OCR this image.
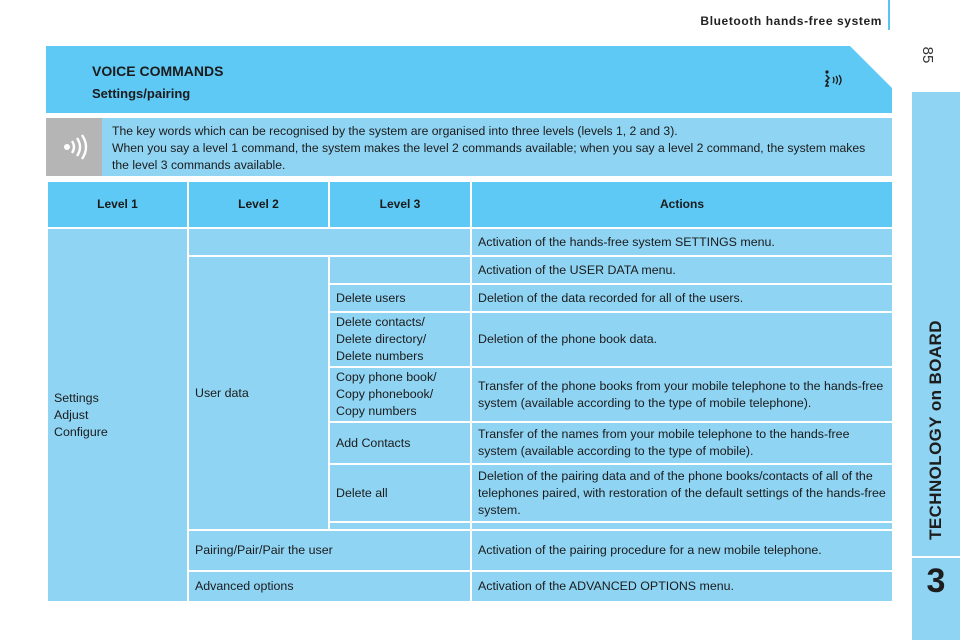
Bluetooth hands-free system
85
TECHNOLOGY on BOARD
3
VOICE COMMANDS
Settings/pairing
The key words which can be recognised by the system are organised into three levels (levels 1, 2 and 3).
When you say a level 1 command, the system makes the level 2 commands available; when you say a level 2 command, the system makes the level 3 commands available.
Level 1	Level 2	Level 3	Actions

Settings
Adjust
Configure			Activation of the hands-free system SETTINGS menu.
	User data		Activation of the USER DATA menu.
		Delete users	Deletion of the data recorded for all of the users.

		Delete contacts/
Delete directory/
Delete numbers	Deletion of the phone book data.

		Copy phone book/
Copy phonebook/
Copy numbers	Transfer of the phone books from your mobile telephone to the hands-free system (available according to the type of mobile telephone).
		Add Contacts	Transfer of the names from your mobile telephone to the hands-free system (available according to the type of mobile).
		Delete all	Deletion of the pairing data and of the phone books/contacts of all of the telephones paired, with restoration of the default settings of the hands-free system.

	Pairing/Pair/Pair the user		Activation of the pairing procedure for a new mobile telephone.
	Advanced options		Activation of the ADVANCED OPTIONS menu.
